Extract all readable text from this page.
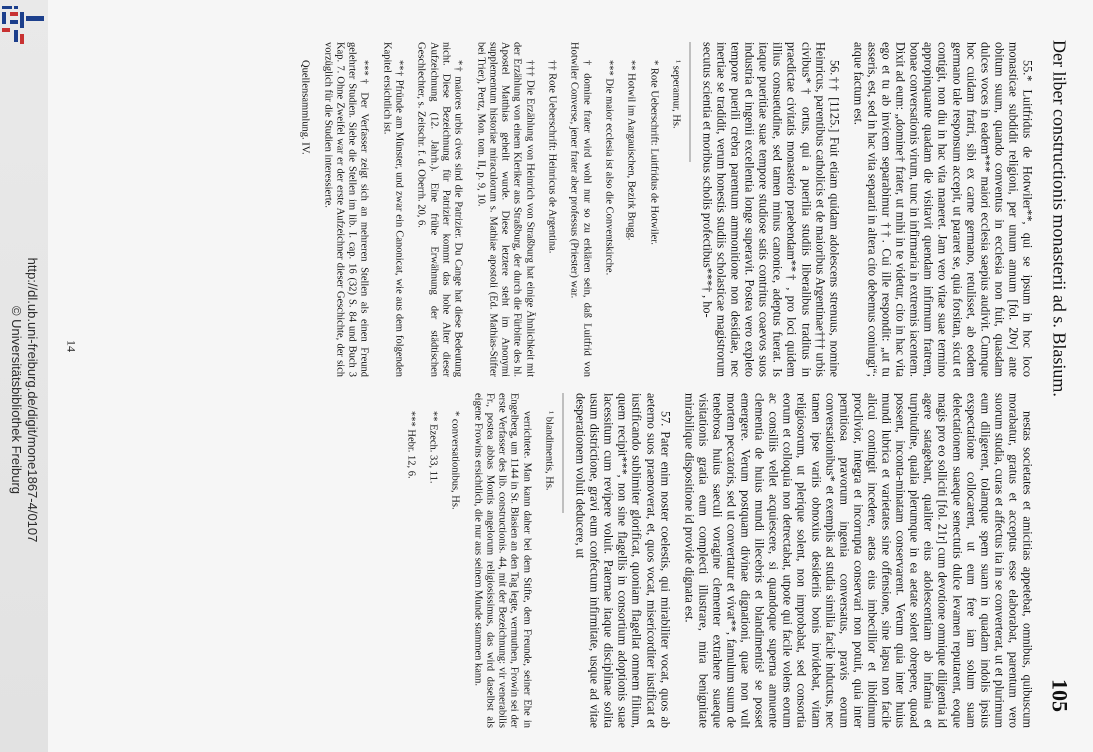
http://dl.ub.uni-freiburg.de/digit/mone1867-4/0107
© Universitätsbibliothek Freiburg
Der liber constructionis monasterii ad s. Blasium.
105

55.* Luitfridus de Hotwiler**, qui se ipsum in hoc loco monasticae subdidit religioni, per unum annum [fol. 20v] ante obitum suum, quando conventus in ecclesia non fuit, quasdam dulces voces in eadem*** maiori ecclesia saepius audivit. Cumque hoc cuidam fratri, sibi ex carne germano, retulisset, ab eodem germano tale responsum accepit, ut pararet se, quia forsitan, sicut et contigit, non diu in hac vita maneret. Jam vero vitae suae termino appropinquante quadam die visitavit quendam infirmum fratrem, bonae conversationis virum, tunc in infirmaria in extremis iacentem. Dixit ad eum: „domine† frater, ut mihi in te videtur, cito in hac vita ego et tu ab invicem separabimur ††. Cui ille respondit: „ut tu asseris, est, sed in hac vita separati in altera cito debemus coniungi“; atque factum est.

56.†† [1125.] Fuit etiam quidam adolescens strenuus, nomine Heinricus, parentibus catholicis et de maioribus Argentinae††† urbis civibus*† ortus, qui a puerilia studiis liberalibus traditus in praedictae civitatis monasterio praebendam**† , pro loci quidem illius consuetudine, sed tamen minus canonice, adeptus fuerat. Is itaque pueritiae suae tempore studiose satis contritus coaevos suos industria et ingenii excellentia longe superavit. Postea vero expleto tempore puerili crebra parentum ammonitione non desidiae, nec inertiae se tradidit, verum honestis studiis scholasticae magistrorum secutus scientia et moribus scholis profectibus***† , ho-

¹ seperamur, Hs.

* Rote Ueberschrift: Luitfridus de Hotwiler.

** Hotwil im Aargauischen, Bezirk Brugg.

*** Die maior ecclesia ist also die Conventskirche.

† domine frater wird wohl nur so zu erklären sein, daß Luitfrid von Hotwiler Converse, jener frater aber professus (Priester) war.

†† Rote Ueberschrift: Heinricus de Argentina.

††† Die Erzählung von Heinrich von Straßburg hat einige Ähnlichkeit mit der Erzählung von einem Kleriker aus Straßburg, der durch die Fürbitte des hl. Apostel Matthias geheilt wurde. Diese letztere steht im Anonymi supplementum historiae miraculorum s. Mathiae apostoli (Ed. Mathias-Stifter bei Trier), Pertz, Mon. tom. II, p. 9, 10.

*† maiores urbis cives sind die Patrizier. Du Cange hat diese Bedeutung nicht. Diese Bezeichnung für Patrizier kommt das hohe Alter dieser Aufzeichnung (12. Jahrh.). Eine frühe Erwähnung der städtischen Geschlechter, s. Zeitschr. f. d. Oberrh. 20, 6.

**† Pfründe am Münster, und zwar ein Canonicat, wie aus dem folgenden Kapitel ersichtlich ist.

***† Der Verfasser zeigt sich an mehreren Stellen als einen Freund gelehrter Studien. Siehe die Stellen im lib. I. cap. 16 (32) S. 84 und Buch 3 Kap. 7. Ohne Zweifel war er der erste Aufzeichner dieser Geschichte, der sich vorzüglich für die Studien interessierte.

Quellensammlung. IV.

nestas societates et amicitias appetebat, omnibus, quibuscum morabatur, gratus et acceptus esse elaborabat, parentum vero suorum studia, curas et affectus ita in se converterat, ut et plurimum eum diligerent, tolamque spem suam in quadam indolis ipsius exspectatione collocarent, ut eum fere iam solum suam delectationem suaeque senectutis dulce levamen reputarent, eoque magis pro eo solliciti [fol. 21r] cum devotione omnique diligentia id agere satagebant, qualiter eius adolescentiam ab infamia et turpitudine, qualia plerumque in ea aetate solent obrepere, quoad possent, inconta-minatam conservarent. Verum quia inter huius mundi lubrica et varietates sine offensione, sine lapsu non facile alicui contingit incedere, aetas eius imbecillior et libidinum proclivior, integra et incorrupta conservari non potuit, quia inter pernitiosa pravorum ingenia conversatus, pravis eorum conversationibus* et exemplis ad studia similia facile inductus, nec tamen ipse variis obnoxius desideriis bonis invidebat, vitam religiosorum, ut plerique solent, non improbabat, sed consortia eorum et colloquia non detrectabat, utpote qui facile volens eorum ac consiliis vellet acquiescere, si quandoque superna annuente clementia de huius mundi illecebris et blandimentis¹ se posset emergere. Verum postquam divinae dignationi, quae non vult mortem peccatoris, sed ut convertatur et vivat**, famulum suum de tenebrosa huius saeculi voragine clementer extrahere suaeque visitationis gratia eum complecti illustrare, mira benignitate mirabilique dispositione id provide dignata est.

57. Pater enim noster coelestis, qui mirabiliter vocat, quos ab aeterno suos praenoverat, et, quos vocat, misericorditer iustificat et iustificando sublimiter glorificat, quoniam flagellat omnem filium, quem recipit***, non sine flagellis in consortium adoptionis suae lacessitum cum revipere voluit. Paternae itaque disciplinae solita usum districtione, gravi eum confectum infirmitate, usque ad vitae desperationem voluit deducere, ut

¹ blandimentis, Hs.

verrichtete. Man kann daher bei dem Stifte, dem Freunde, seiner Ehe in Engelberg, um 1144 in St. Blasien an den Tag legte, vermuthen, Frowin sei der erste Verfasser des lib. constructionis. 44, mit der Bezeichnung: vir venerabilis Fr., postea abbas Montis angelorum religiosissimus, das wird daselbst als eigene Frowins ersichtlich, die nur aus seinem Munde stammen kann.

* conversationibus, Hs.

** Ezech. 33, 11.

*** Hebr. 12, 6.

14
